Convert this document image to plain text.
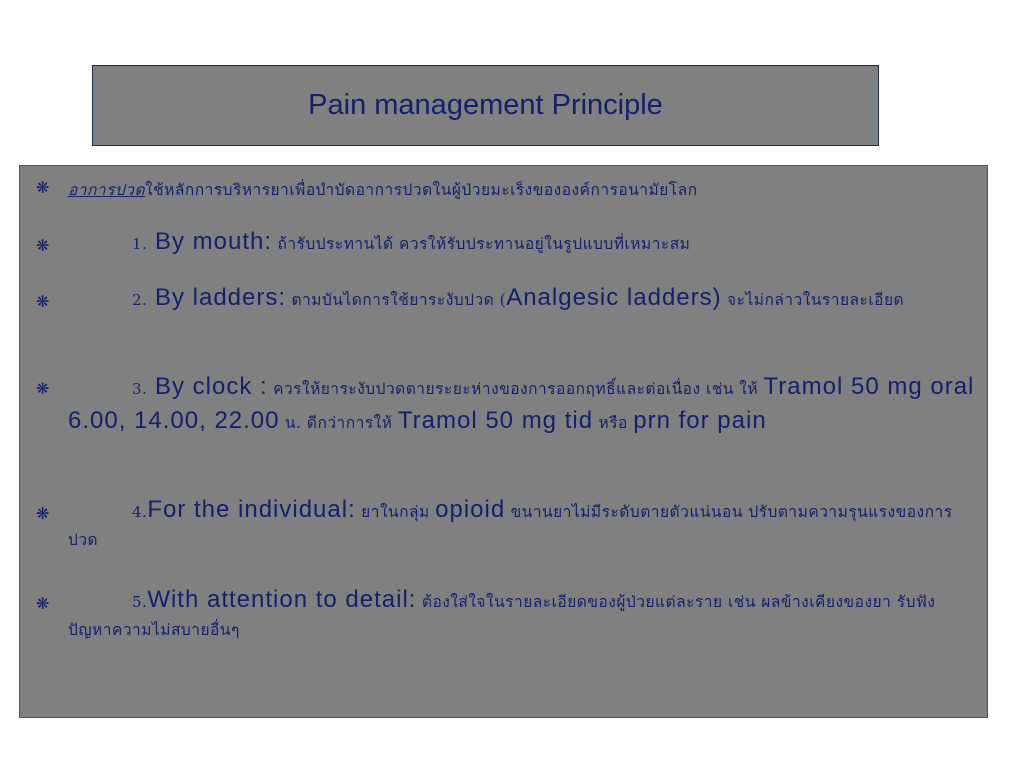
Pain management Principle
❋ อาการปวดใช้หลักการบริหารยาเพื่อบำบัดอาการปวดในผู้ป่วยมะเร็งขององค์การอนามัยโลก
❋	1. By mouth: ถ้ารับประทานได้ ควรให้รับประทานอยู่ในรูปแบบที่เหมาะสม
❋	2. By ladders: ตามบันไดการใช้ยาระงับปวด (Analgesic ladders) จะไม่กล่าวในรายละเอียด
❋	3. By clock : ควรให้ยาระงับปวดตายระยะห่างของการออกฤทธิ์และต่อเนื่อง เช่น ให้ Tramol 50 mg oral 6.00, 14.00, 22.00 น. ดีกว่าการให้ Tramol 50 mg tid หรือ prn for pain
❋	4.For the individual: ยาในกลุ่ม opioid ขนานยาไม่มีระดับตายตัวแน่นอน ปรับตามความรุนแรงของการปวด
❋	5.With attention to detail: ต้องใส่ใจในรายละเอียดของผู้ป่วยแต่ละราย เช่น ผลข้างเคียงของยา รับฟังปัญหาความไม่สบายอื่นๆ
